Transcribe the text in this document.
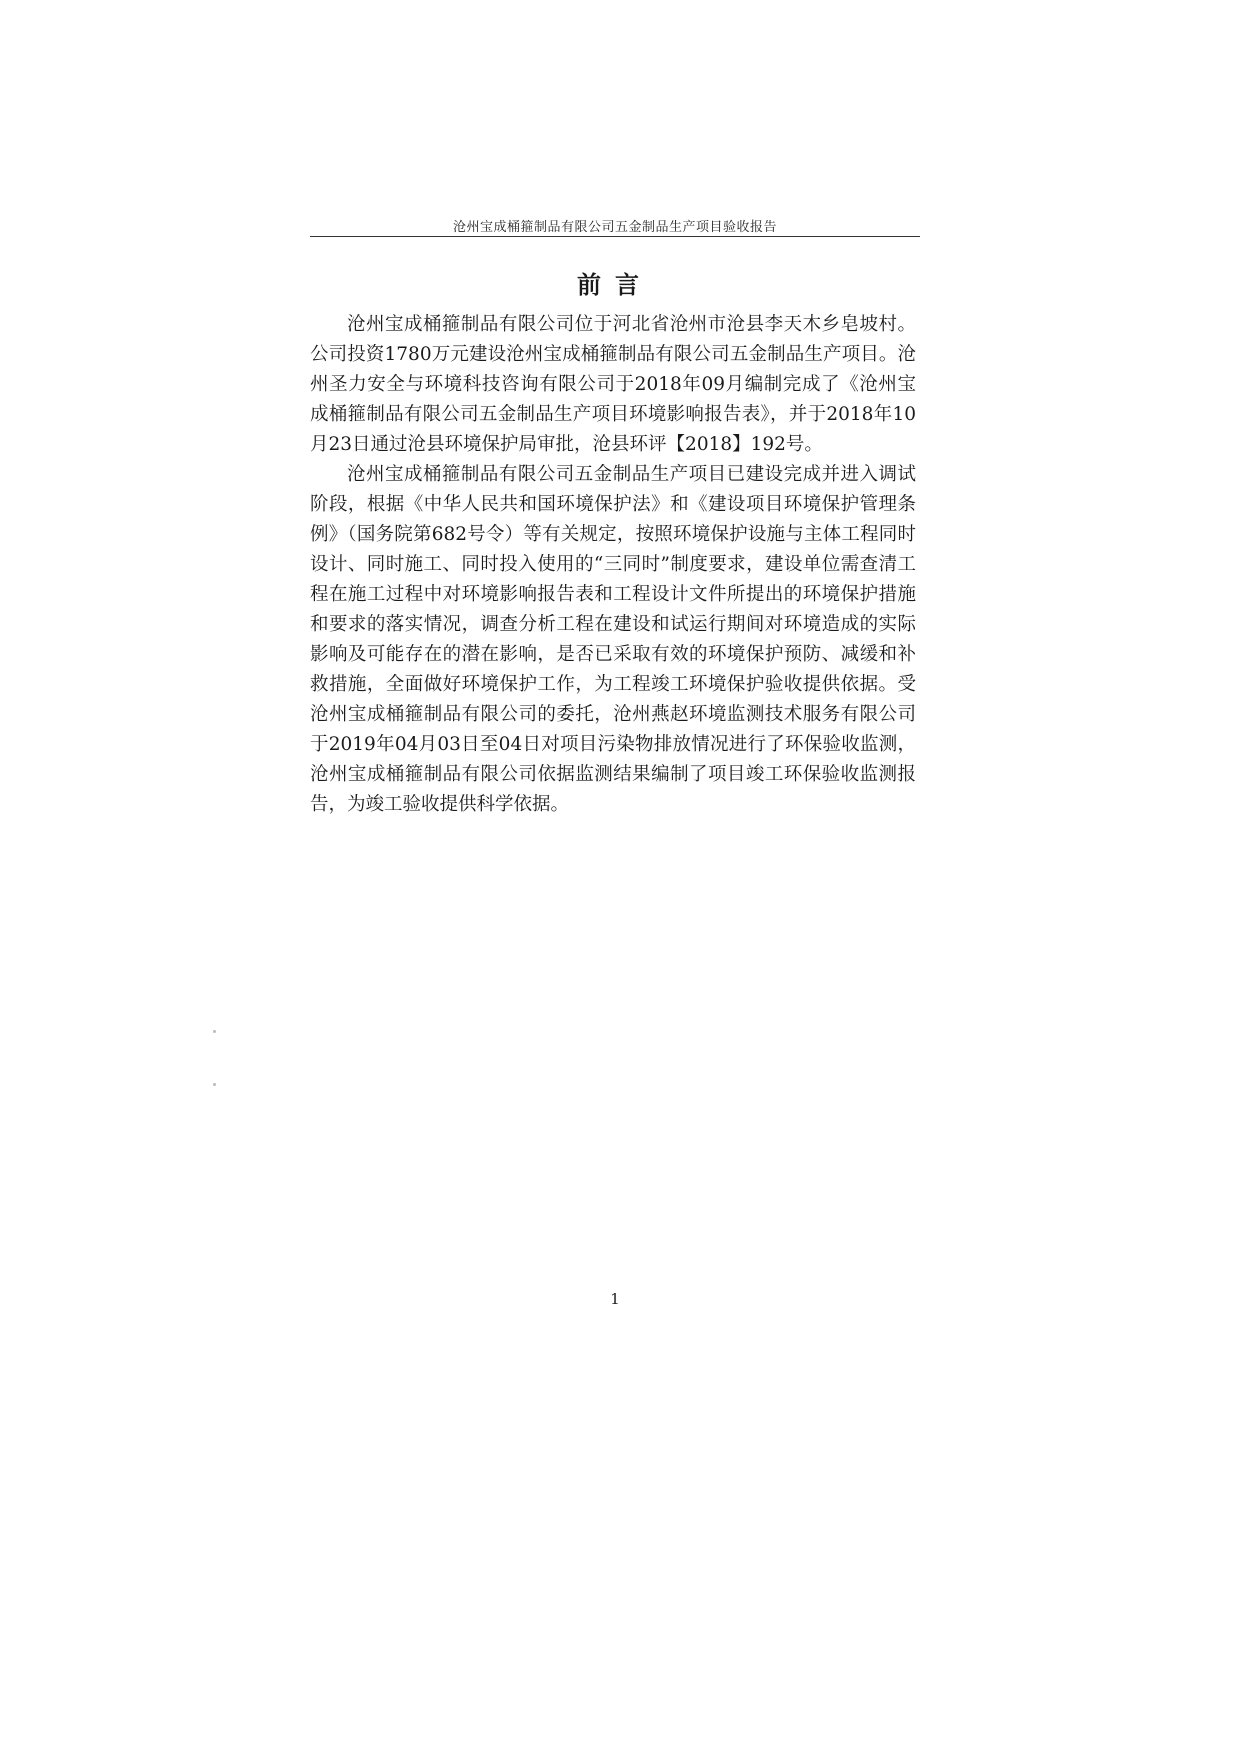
沧州宝成桶箍制品有限公司五金制品生产项目验收报告
前言

沧州宝成桶箍制品有限公司位于河北省沧州市沧县李天木乡皂坡村。公司投资1780万元建设沧州宝成桶箍制品有限公司五金制品生产项目。沧州圣力安全与环境科技咨询有限公司于2018年09月编制完成了《沧州宝成桶箍制品有限公司五金制品生产项目环境影响报告表》，并于2018年10月23日通过沧县环境保护局审批，沧县环评【2018】192号。

沧州宝成桶箍制品有限公司五金制品生产项目已建设完成并进入调试阶段，根据《中华人民共和国环境保护法》和《建设项目环境保护管理条例》（国务院第682号令）等有关规定，按照环境保护设施与主体工程同时设计、同时施工、同时投入使用的“三同时”制度要求，建设单位需查清工程在施工过程中对环境影响报告表和工程设计文件所提出的环境保护措施和要求的落实情况，调查分析工程在建设和试运行期间对环境造成的实际影响及可能存在的潜在影响，是否已采取有效的环境保护预防、减缓和补救措施，全面做好环境保护工作，为工程竣工环境保护验收提供依据。受沧州宝成桶箍制品有限公司的委托，沧州燕赵环境监测技术服务有限公司于2019年04月03日至04日对项目污染物排放情况进行了环保验收监测，沧州宝成桶箍制品有限公司依据监测结果编制了项目竣工环保验收监测报告，为竣工验收提供科学依据。

1
